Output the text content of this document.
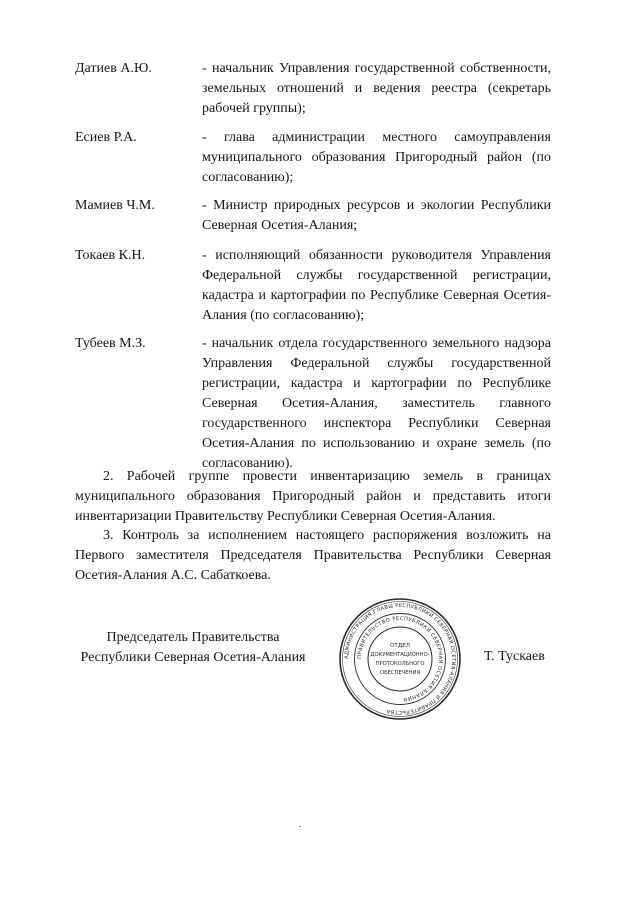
Датиев А.Ю.	- начальник Управления государственной собственности, земельных отношений и ведения реестра (секретарь рабочей группы);
Есиев Р.А.	- глава администрации местного самоуправления муниципального образования Пригородный район (по согласованию);
Мамиев Ч.М.	- Министр природных ресурсов и экологии Республики Северная Осетия-Алания;
Токаев К.Н.	- исполняющий обязанности руководителя Управления Федеральной службы государственной регистрации, кадастра и картографии по Республике Северная Осетия-Алания (по согласованию);
Тубеев М.З.	- начальник отдела государственного земельного надзора Управления Федеральной службы государственной регистрации, кадастра и картографии по Республике Северная Осетия-Алания, заместитель главного государственного инспектора Республики Северная Осетия-Алания по использованию и охране земель (по согласованию).

2. Рабочей группе провести инвентаризацию земель в границах муниципального образования Пригородный район и представить итоги инвентаризации Правительству Республики Северная Осетия-Алания.

3. Контроль за исполнением настоящего распоряжения возложить на Первого заместителя Председателя Правительства Республики Северная Осетия-Алания А.С. Сабаткоева.

Председатель Правительства
Республики Северная Осетия-Алания	АДМИНИСТРАЦИЯ ГЛАВЫ РЕСПУБЛИКИ СЕВЕРНАЯ ОСЕТИЯ-АЛАНИЯ И ПРАВИТЕЛЬСТВА
ПРАВИТЕЛЬСТВО РЕСПУБЛИКИ СЕВЕРНАЯ ОСЕТИЯ-АЛАНИЯ
ОТДЕЛ
ДОКУМЕНТАЦИОННО-
ПРОТОКОЛЬНОГО
ОБЕСПЕЧЕНИЯ
Т. Тускаев
